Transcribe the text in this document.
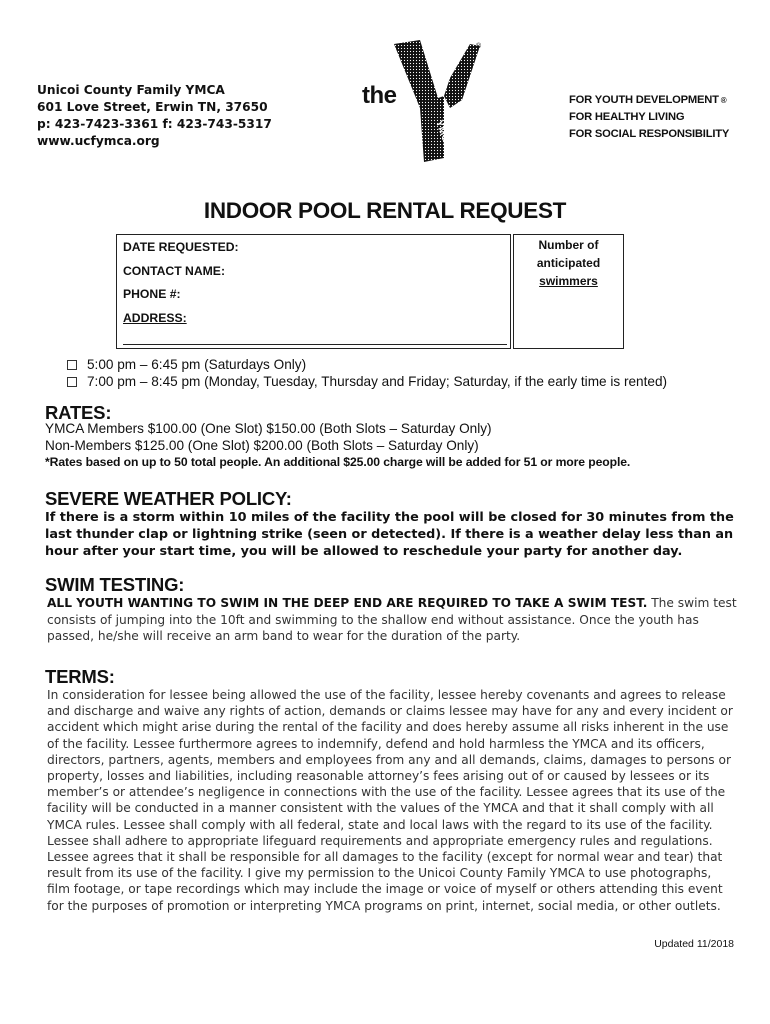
Unicoi County Family YMCA
601 Love Street, Erwin TN, 37650
p: 423-7423-3361 f: 423-743-5317
www.ucfymca.org
the
YMCA
®
FOR YOUTH DEVELOPMENT ®
FOR HEALTHY LIVING
FOR SOCIAL RESPONSIBILITY
INDOOR POOL RENTAL REQUEST
DATE REQUESTED:
CONTACT NAME:
PHONE #:
ADDRESS:
Number of
anticipated
swimmers
5:00 pm – 6:45 pm (Saturdays Only)
7:00 pm – 8:45 pm (Monday, Tuesday, Thursday and Friday; Saturday, if the early time is rented)
RATES:
YMCA Members $100.00 (One Slot) $150.00 (Both Slots – Saturday Only)
Non-Members $125.00 (One Slot) $200.00 (Both Slots – Saturday Only)
*Rates based on up to 50 total people. An additional $25.00 charge will be added for 51 or more people.
SEVERE WEATHER POLICY:
If there is a storm within 10 miles of the facility the pool will be closed for 30 minutes from the last thunder clap or lightning strike (seen or detected). If there is a weather delay less than an hour after your start time, you will be allowed to reschedule your party for another day.
SWIM TESTING:
ALL YOUTH WANTING TO SWIM IN THE DEEP END ARE REQUIRED TO TAKE A SWIM TEST. The swim test consists of jumping into the 10ft and swimming to the shallow end without assistance. Once the youth has passed, he/she will receive an arm band to wear for the duration of the party.
TERMS:
In consideration for lessee being allowed the use of the facility, lessee hereby covenants and agrees to release and discharge and waive any rights of action, demands or claims lessee may have for any and every incident or accident which might arise during the rental of the facility and does hereby assume all risks inherent in the use of the facility. Lessee furthermore agrees to indemnify, defend and hold harmless the YMCA and its officers, directors, partners, agents, members and employees from any and all demands, claims, damages to persons or property, losses and liabilities, including reasonable attorney’s fees arising out of or caused by lessees or its member’s or attendee’s negligence in connections with the use of the facility. Lessee agrees that its use of the facility will be conducted in a manner consistent with the values of the YMCA and that it shall comply with all YMCA rules. Lessee shall comply with all federal, state and local laws with the regard to its use of the facility. Lessee shall adhere to appropriate lifeguard requirements and appropriate emergency rules and regulations. Lessee agrees that it shall be responsible for all damages to the facility (except for normal wear and tear) that result from its use of the facility. I give my permission to the Unicoi County Family YMCA to use photographs, film footage, or tape recordings which may include the image or voice of myself or others attending this event for the purposes of promotion or interpreting YMCA programs on print, internet, social media, or other outlets.
Updated 11/2018
